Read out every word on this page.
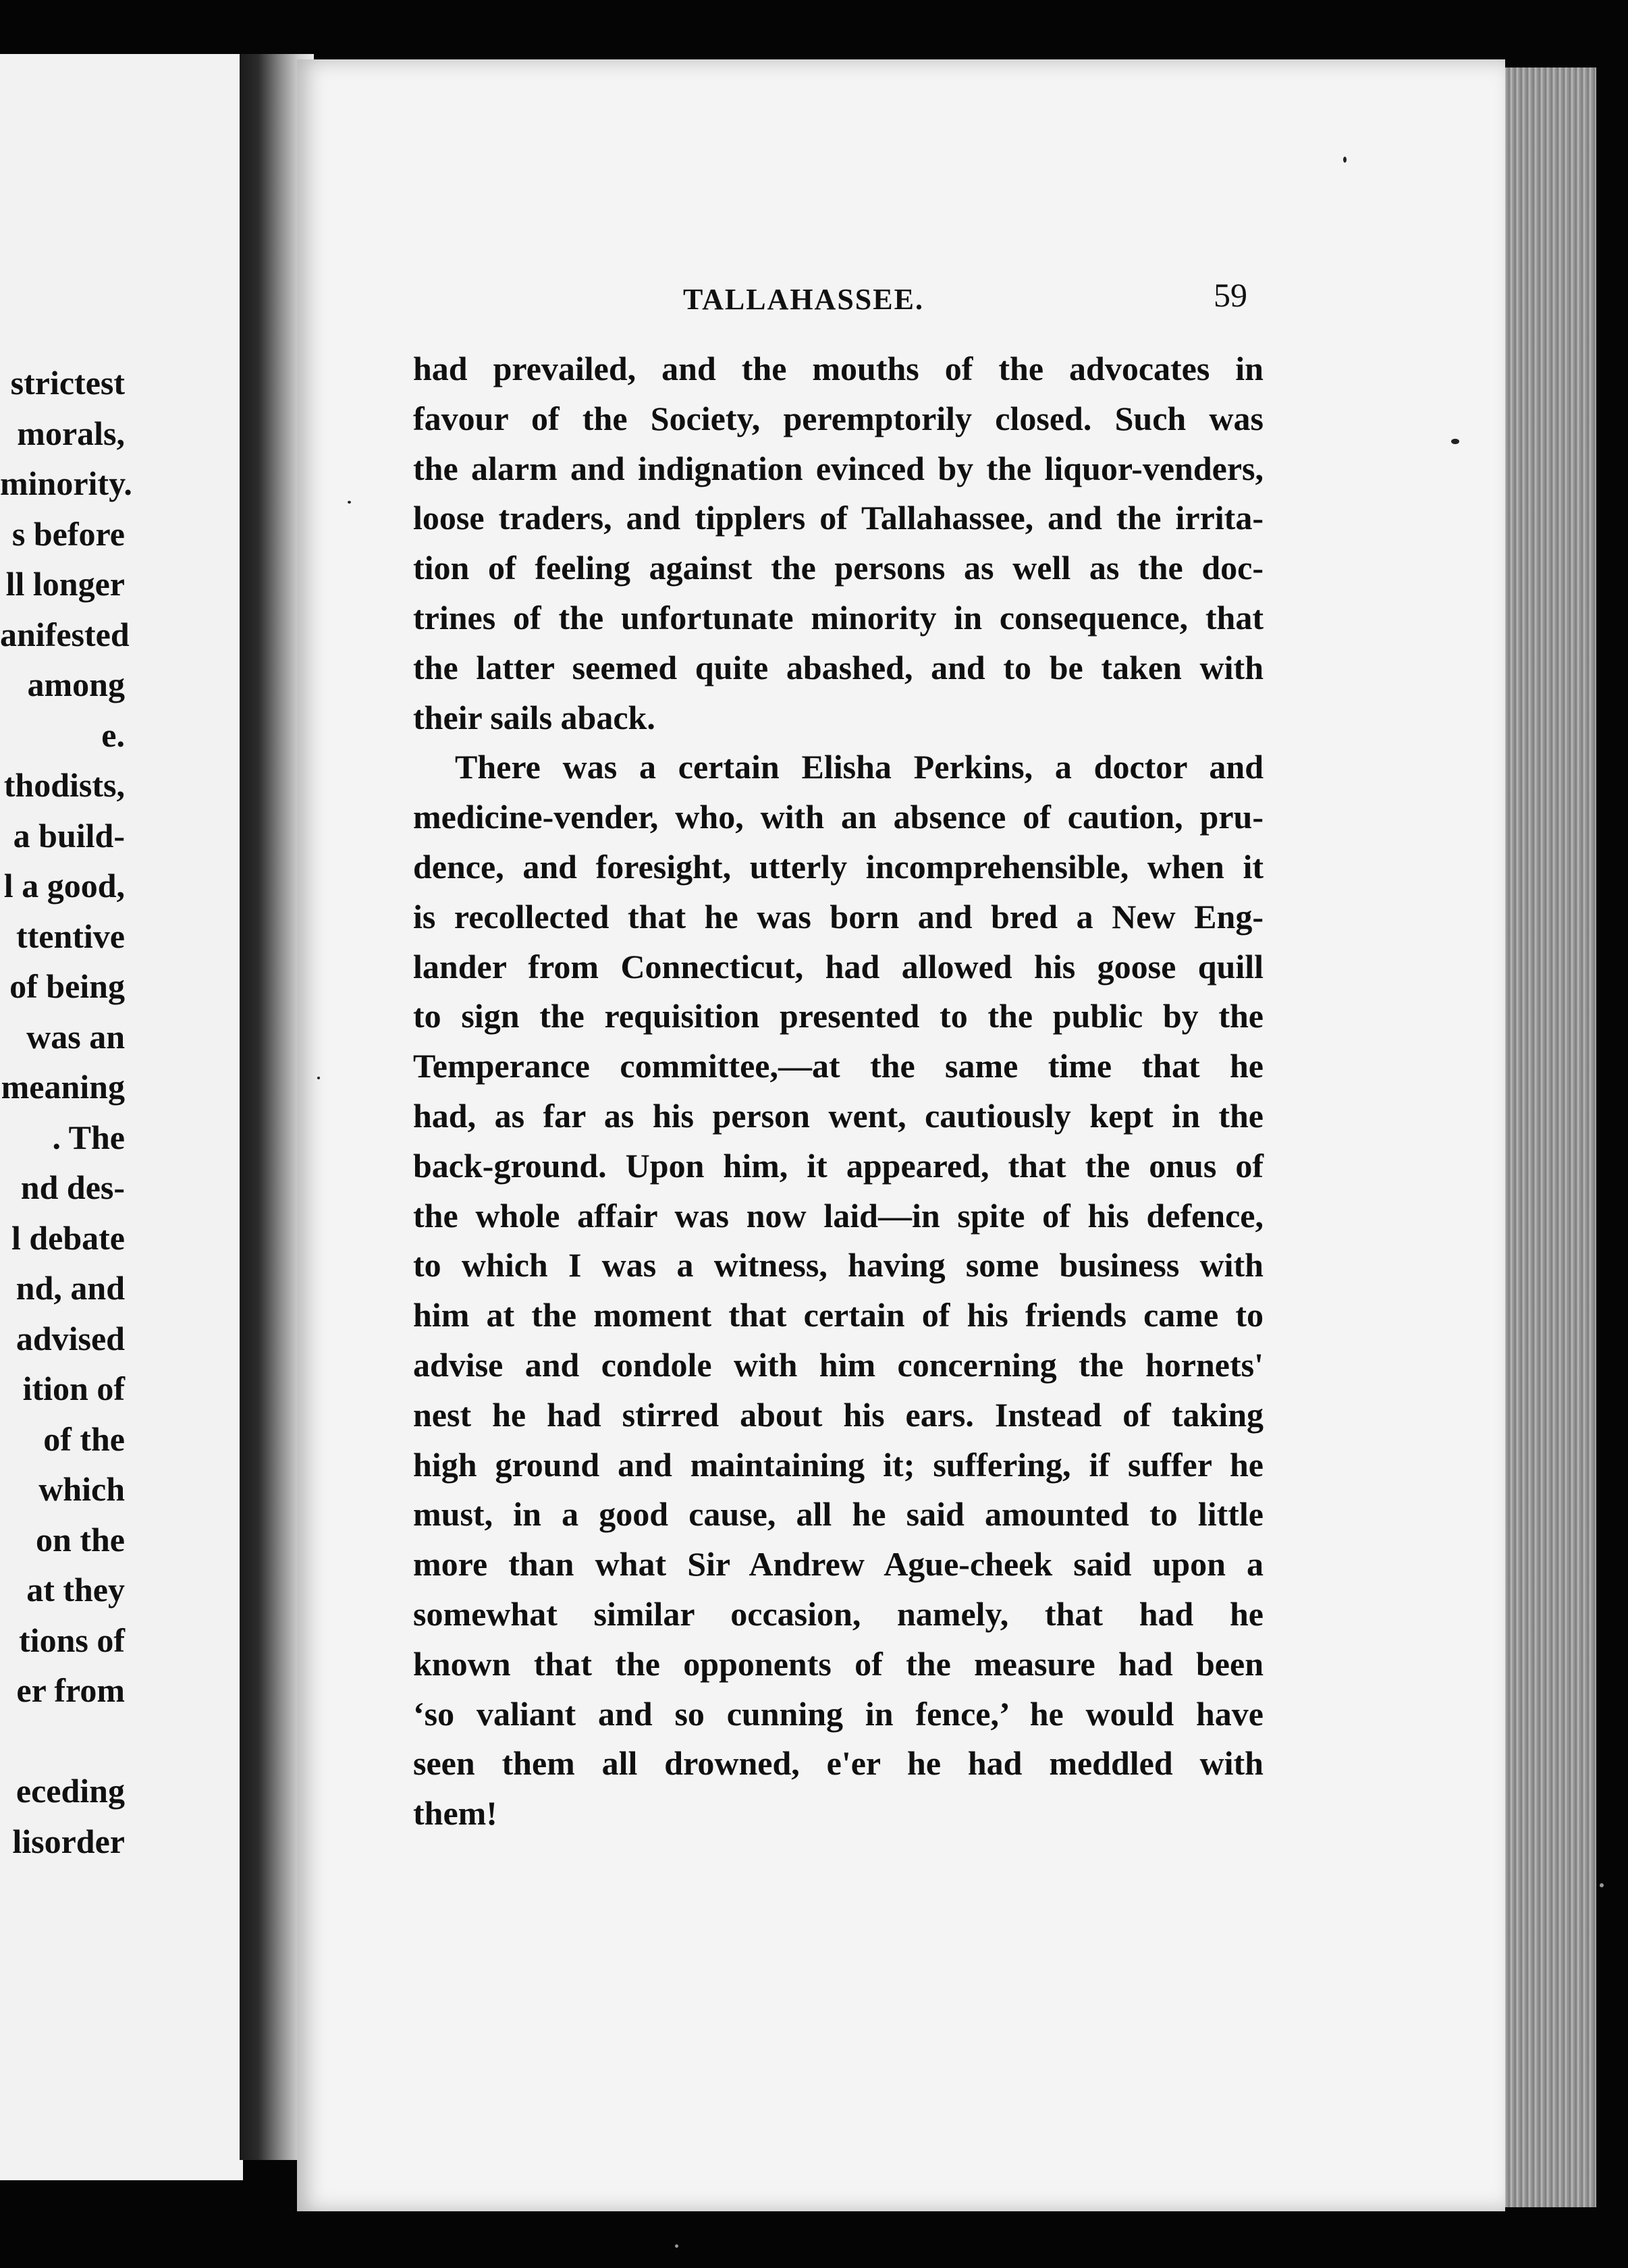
strictest
morals,
minority.
s before
ll longer
anifested
among
e.
thodists,
a build-
l a good,
ttentive
of being
was an
meaning
. The
nd des-
l debate
nd, and
advised
ition of
of the
which
on the
at they
tions of
er from
eceding
lisorder
TALLAHASSEE.	59
had prevailed, and the mouths of the advocates in
favour of the Society, peremptorily closed. Such was
the alarm and indignation evinced by the liquor-venders,
loose traders, and tipplers of Tallahassee, and the irrita-
tion of feeling against the persons as well as the doc-
trines of the unfortunate minority in consequence, that
the latter seemed quite abashed, and to be taken with
their sails aback.
There was a certain Elisha Perkins, a doctor and
medicine-vender, who, with an absence of caution, pru-
dence, and foresight, utterly incomprehensible, when it
is recollected that he was born and bred a New Eng-
lander from Connecticut, had allowed his goose quill
to sign the requisition presented to the public by the
Temperance committee,—at the same time that he
had, as far as his person went, cautiously kept in the
back-ground. Upon him, it appeared, that the onus of
the whole affair was now laid—in spite of his defence,
to which I was a witness, having some business with
him at the moment that certain of his friends came to
advise and condole with him concerning the hornets'
nest he had stirred about his ears. Instead of taking
high ground and maintaining it; suffering, if suffer he
must, in a good cause, all he said amounted to little
more than what Sir Andrew Ague-cheek said upon a
somewhat similar occasion, namely, that had he
known that the opponents of the measure had been
‘so valiant and so cunning in fence,’ he would have
seen them all drowned, e'er he had meddled with
them!
